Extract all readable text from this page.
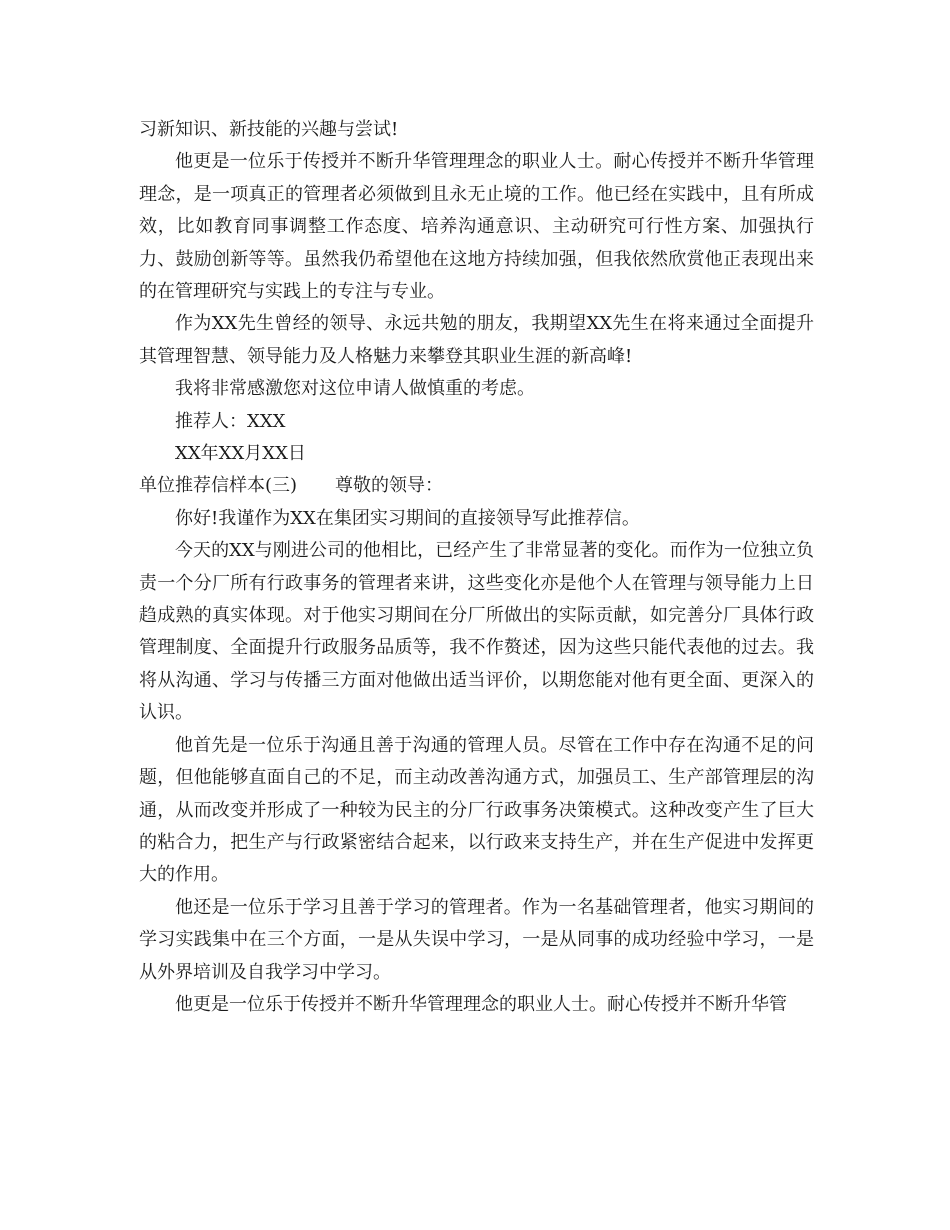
习新知识、新技能的兴趣与尝试!

他更是一位乐于传授并不断升华管理理念的职业人士。耐心传授并不断升华管理理念，是一项真正的管理者必须做到且永无止境的工作。他已经在实践中，且有所成效，比如教育同事调整工作态度、培养沟通意识、主动研究可行性方案、加强执行力、鼓励创新等等。虽然我仍希望他在这地方持续加强，但我依然欣赏他正表现出来的在管理研究与实践上的专注与专业。

作为XX先生曾经的领导、永远共勉的朋友，我期望XX先生在将来通过全面提升其管理智慧、领导能力及人格魅力来攀登其职业生涯的新高峰!

我将非常感激您对这位申请人做慎重的考虑。

推荐人：XXX

XX年XX月XX日

单位推荐信样本(三) 尊敬的领导：

你好!我谨作为XX在集团实习期间的直接领导写此推荐信。

今天的XX与刚进公司的他相比，已经产生了非常显著的变化。而作为一位独立负责一个分厂所有行政事务的管理者来讲，这些变化亦是他个人在管理与领导能力上日趋成熟的真实体现。对于他实习期间在分厂所做出的实际贡献，如完善分厂具体行政管理制度、全面提升行政服务品质等，我不作赘述，因为这些只能代表他的过去。我将从沟通、学习与传播三方面对他做出适当评价，以期您能对他有更全面、更深入的认识。

他首先是一位乐于沟通且善于沟通的管理人员。尽管在工作中存在沟通不足的问题，但他能够直面自己的不足，而主动改善沟通方式，加强员工、生产部管理层的沟通，从而改变并形成了一种较为民主的分厂行政事务决策模式。这种改变产生了巨大的粘合力，把生产与行政紧密结合起来，以行政来支持生产，并在生产促进中发挥更大的作用。

他还是一位乐于学习且善于学习的管理者。作为一名基础管理者，他实习期间的学习实践集中在三个方面，一是从失误中学习，一是从同事的成功经验中学习，一是从外界培训及自我学习中学习。

他更是一位乐于传授并不断升华管理理念的职业人士。耐心传授并不断升华管
